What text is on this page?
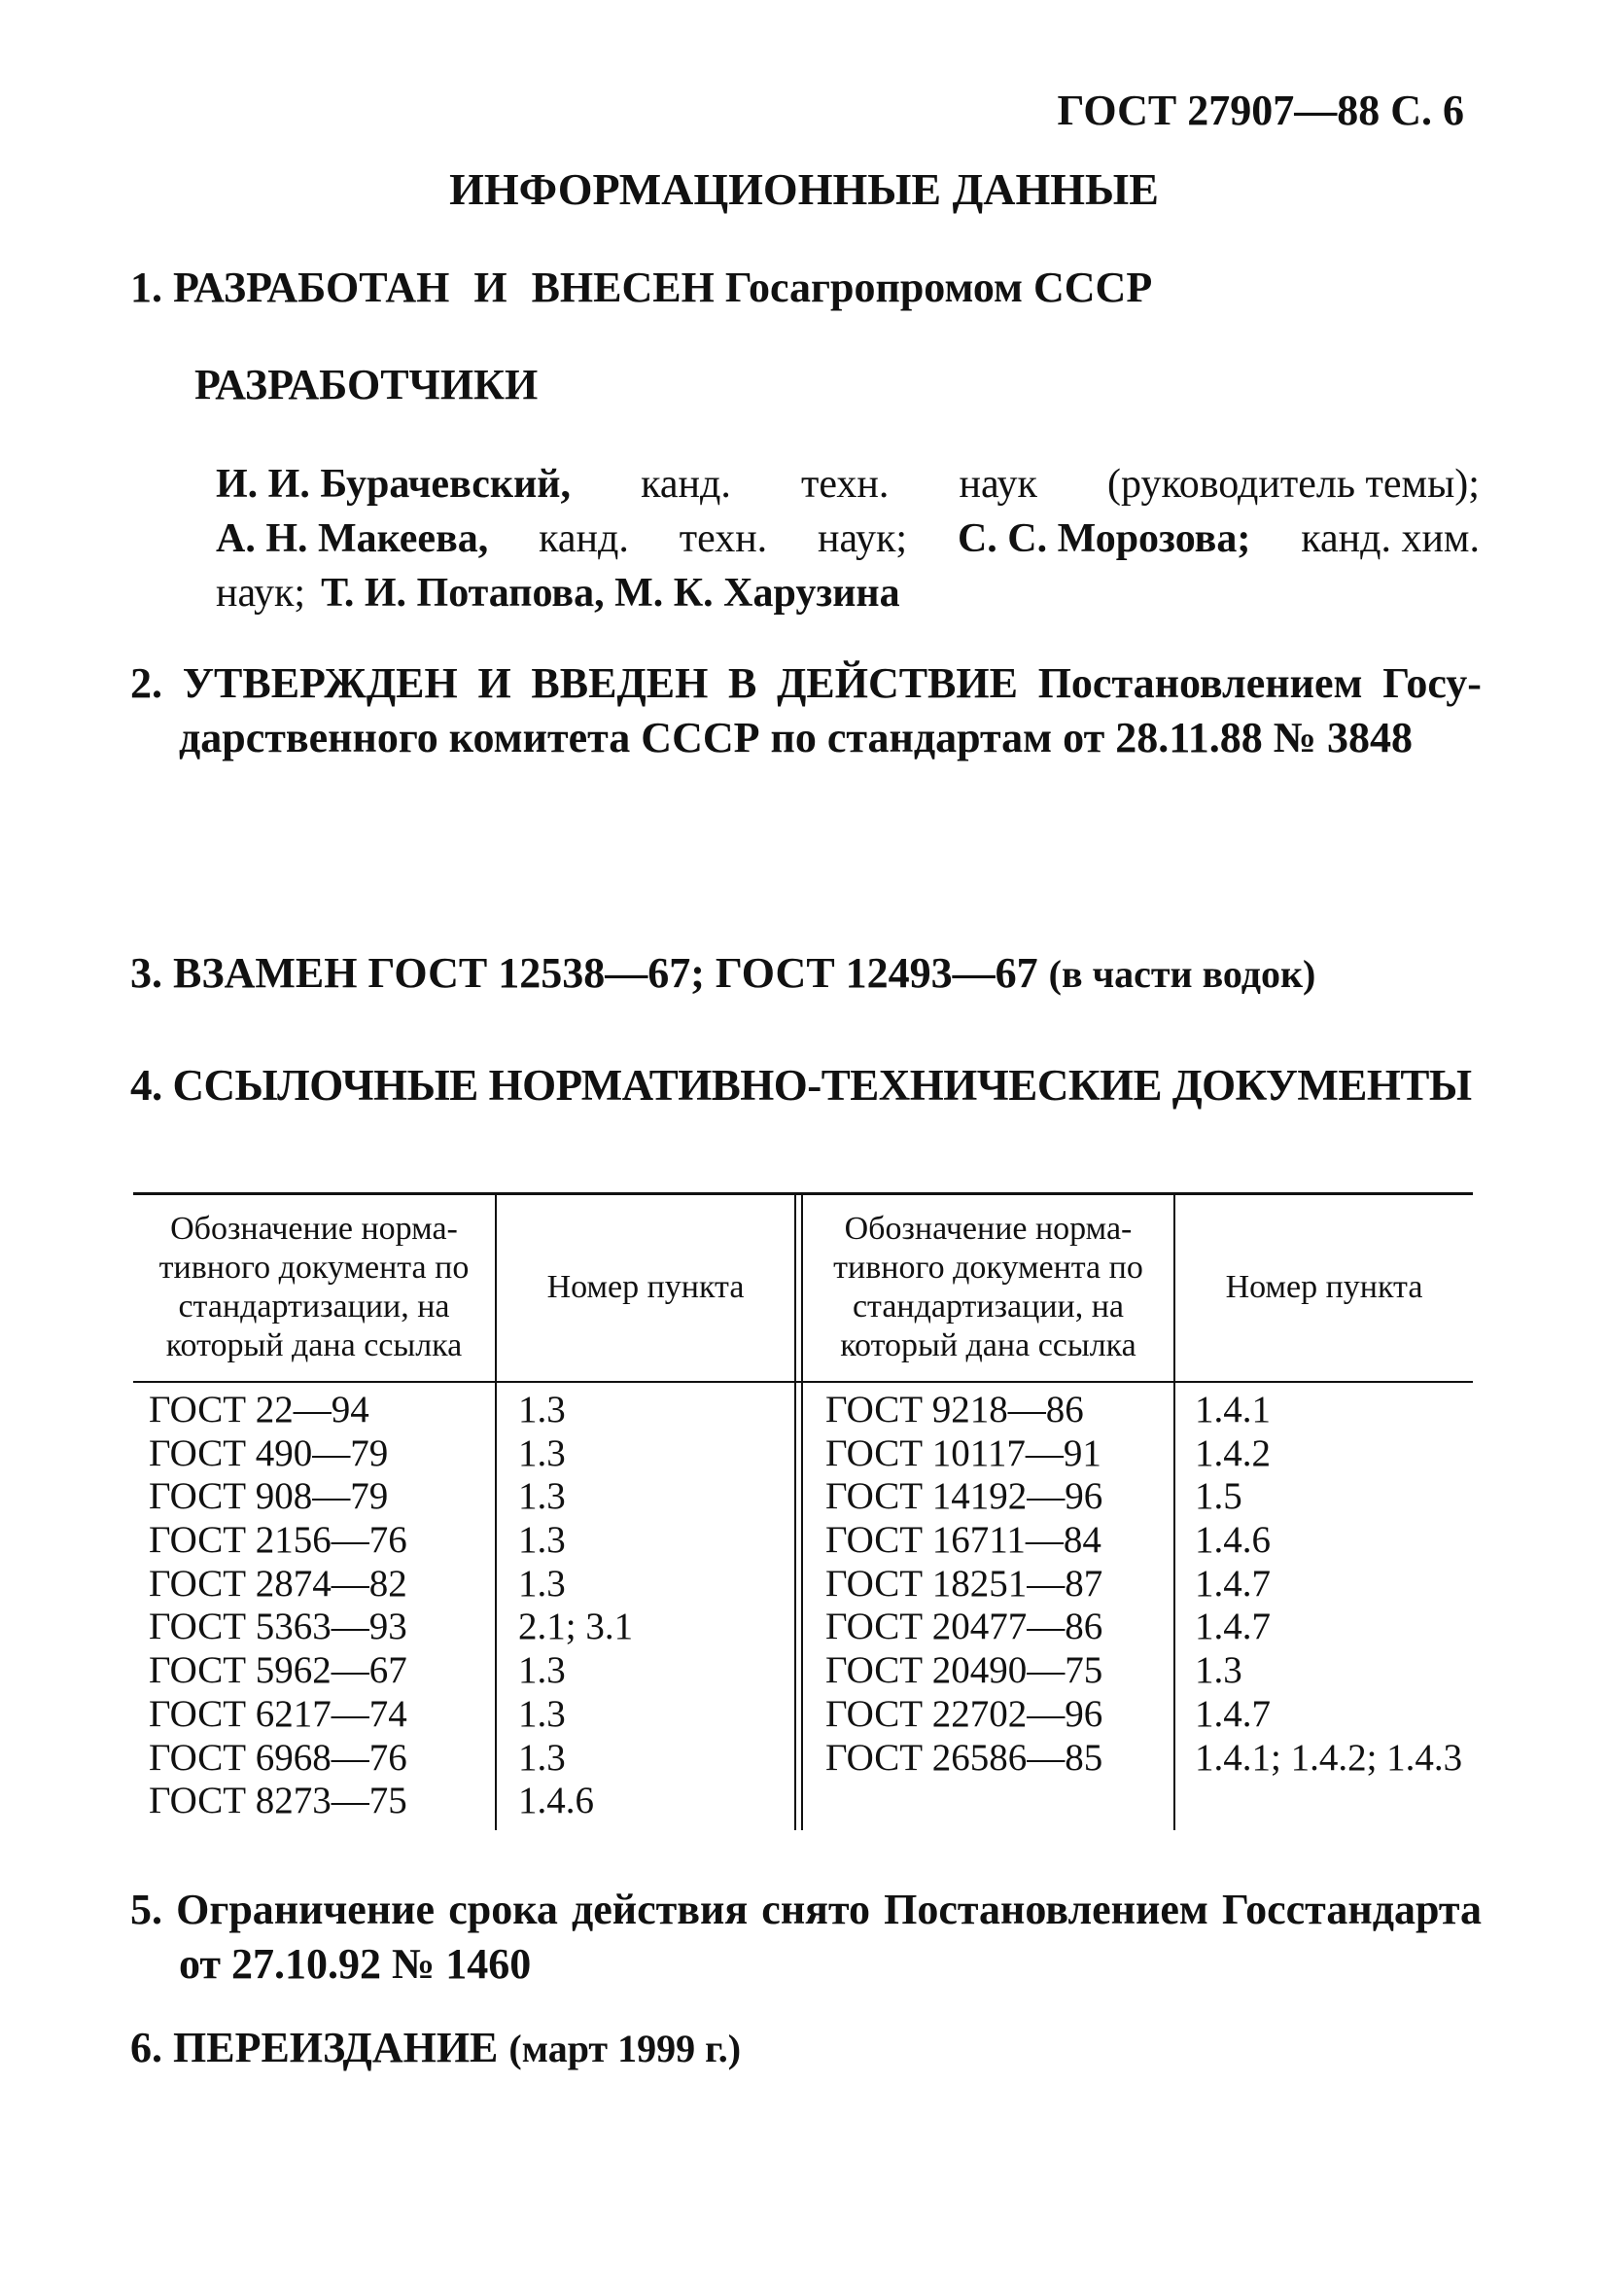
ГОСТ 27907—88 С. 6
ИНФОРМАЦИОННЫЕ ДАННЫЕ
1. РАЗРАБОТАН И ВНЕСЕН Госагропромом СССР
РАЗРАБОТЧИКИ
И. И. Бурачевский, канд. техн. наук (руководитель темы);
А. Н. Макеева, канд. техн. наук; С. С. Морозова; канд. хим.
наук; Т. И. Потапова, М. К. Харузина
2. УТВЕРЖДЕН И ВВЕДЕН В ДЕЙСТВИЕ Постановлением Госу-
дарственного комитета СССР по стандартам от 28.11.88 № 3848
3. ВЗАМЕН ГОСТ 12538—67; ГОСТ 12493—67 (в части водок)
4. ССЫЛОЧНЫЕ НОРМАТИВНО-ТЕХНИЧЕСКИЕ ДОКУМЕНТЫ
Обозначение норма-тивного документа по стандартизации, на который дана ссылка
Номер пункта
Обозначение норма-тивного документа по стандартизации, на который дана ссылка
Номер пункта
ГОСТ 22—94
ГОСТ 490—79
ГОСТ 908—79
ГОСТ 2156—76
ГОСТ 2874—82
ГОСТ 5363—93
ГОСТ 5962—67
ГОСТ 6217—74
ГОСТ 6968—76
ГОСТ 8273—75
1.3
1.3
1.3
1.3
1.3
2.1; 3.1
1.3
1.3
1.3
1.4.6
ГОСТ 9218—86
ГОСТ 10117—91
ГОСТ 14192—96
ГОСТ 16711—84
ГОСТ 18251—87
ГОСТ 20477—86
ГОСТ 20490—75
ГОСТ 22702—96
ГОСТ 26586—85
1.4.1
1.4.2
1.5
1.4.6
1.4.7
1.4.7
1.3
1.4.7
1.4.1; 1.4.2; 1.4.3
5. Ограничение срока действия снято Постановлением Госстандарта
от 27.10.92 № 1460
6. ПЕРЕИЗДАНИЕ (март 1999 г.)
